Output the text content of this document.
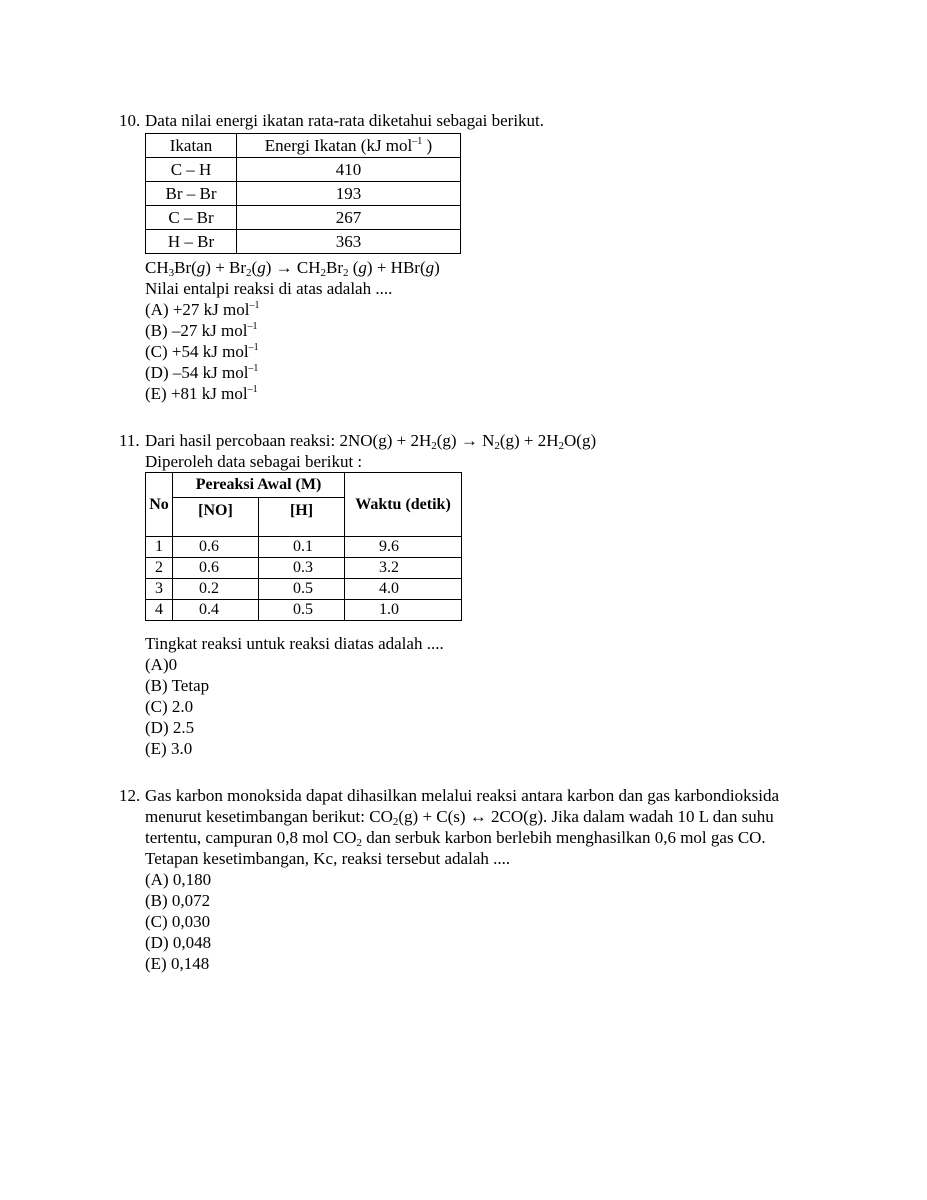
10. Data nilai energi ikatan rata-rata diketahui sebagai berikut.
Ikatan	Energi Ikatan (kJ mol$^{-1}$ )
C – H	410
Br – Br	193
C – Br	267
H – Br	363
$CH_3Br(g) + Br_2(g) \to CH_2Br_2$ (g) + HBr(g)
Nilai entalpi reaksi di atas adalah ....
(A) +27 kJ mol$^{-1}$
(B) –27 kJ mol$^{-1}$
(C) +54 kJ mol$^{-1}$
(D) –54 kJ mol$^{-1}$
(E) +81 kJ mol$^{-1}$
11. Dari hasil percobaan reaksi: $2NO(g) + 2H_2(g) \to N_2(g) + 2H_2O(g)$
Diperoleh data sebagai berikut :
No	Pereaksi Awal (M)		Waktu (detik)
	[NO]	[H]	
1	0.6	0.1	9.6
2	0.6	0.3	3.2
3	0.2	0.5	4.0
4	0.4	0.5	1.0
Tingkat reaksi untuk reaksi diatas adalah ....
(A)0
(B) Tetap
(C) 2.0
(D) 2.5
(E) 3.0
12. Gas karbon monoksida dapat dihasilkan melalui reaksi antara karbon dan gas karbondioksida
menurut kesetimbangan berikut: $CO_2(g) + C(s)$ ↔ 2CO(g). Jika dalam wadah 10 L dan suhu
tertentu, campuran 0,8 mol $CO_2$ dan serbuk karbon berlebih menghasilkan 0,6 mol gas CO.
Tetapan kesetimbangan, Kc, reaksi tersebut adalah ....
(A) 0,180
(B) 0,072
(C) 0,030
(D) 0,048
(E) 0,148
